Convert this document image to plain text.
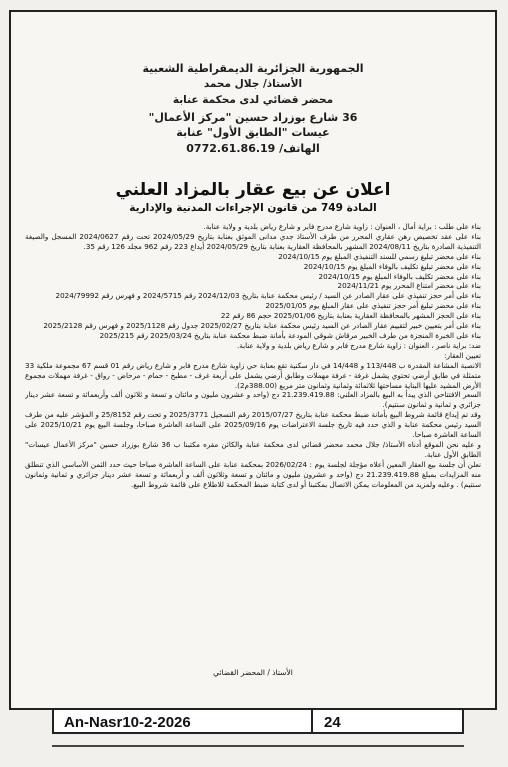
الجمهورية الجزائرية الديمقراطية الشعبية
الأستاذ/ جلال محمد
محضر قضائي لدى محكمة عنابة
36 شارع بوزراد حسين "مركز الأعمال"
عيسات "الطابق الأول" عنابة
الهاتف/ 0772.61.86.19
اعلان عن بيع عقار بالمزاد العلني
المادة 749 من قانون الإجراءات المدنية والإدارية

بناء على طلب : براية أمال ، العنوان : زاوية شارع مدرج فابر و شارع رياض بلدية و ولاية عنابة.

بناء على عقد تخصيص رهن عقاري المحرر من طرف الأستاذ جدي مدانى الموثق بعنابة بتاريخ 2024/05/29 تحت رقم 2024/0627 المسجل والصيغة التنفيذية الصادرة بتاريخ 2024/08/11 المشهر بالمحافظة العقارية بعنابة بتاريخ 2024/05/29 أيداع 223 رقم 962 مجلد 126 رقم 35.

بناء على محضر تبليغ رسمي للسند التنفيذي المبلغ يوم 2024/10/15

بناء على محضر تبليغ تكليف بالوفاء المبلغ يوم 2024/10/15

بناء على محضر تكليف بالوفاء المبلغ يوم 2024/10/15

بناء على محضر امتناع المحرر يوم 2024/11/21

بناء على أمر حجز تنفيذي على عقار الصادر عن السيد / رئيس محكمة عنابة بتاريخ 2024/12/03 رقم 2024/5715 و فهرس رقم 2024/79992

بناء على محضر تبليغ أمر حجز تنفيذي على عقار المبلغ يوم 2025/01/05

بناء على الحجز المشهر بالمحافظة العقارية بعنابة بتاريخ 2025/01/06 حجم 86 رقم 22

بناء على أمر بتعيين خبير لتقييم عقار الصادر عن السيد رئيس محكمة عنابة بتاريخ 2025/02/27 جدول رقم 2025/1128 و فهرس رقم 2025/2128

بناء على الخبرة المنجزة من طرف الخبير مرقاش شوقي المودعة بأمانة ضبط محكمة عنابة بتاريخ 2025/03/24 رقم 2025/215

ضد: براية ناصر ، العنوان : زاوية شارع مدرج فابر و شارع رياض بلدية و ولاية عنابة.

تعيين العقار:

الانصبة المشاعة المقدرة ب 113/448 و 14/448 في دار سكنية تقع بعنابة حي زاوية شارع مدرج فابر و شارع رياض رقم 01 قسم 67 مجموعة ملكية 33 متمثلة في طابق أرضي تحتوي يشمل غرفة - غرفة مهملات وطابق أرضي يشمل على أربعة غرف - مطبخ - حمام - مرحاض - رواق - غرفة مهملات مجموع الأرض المشيد عليها البناية مساحتها ثلاثمائة وثمانية وثمانون متر مربع (388.00م2).

السعر الافتتاحي الذي يبدأ به البيع بالمزاد العلني: 21.239.419.88 دج (واحد و عشرون مليون و مائتان و تسعة و ثلاثون ألف وأربعمائة و تسعة عشر دينار جزائري و ثمانية و ثمانون سنتيم).

وقد تم إيداع قائمة شروط البيع بأمانة ضبط محكمة عنابة بتاريخ 2015/07/27 رقم التسجيل 2025/3771 و تحت رقم 25/8152 و المؤشر عليه من طرف السيد رئيس محكمة عنابة و الذي حدد فيه تاريخ جلسة الاعتراضات يوم 2025/09/16 على الساعة العاشرة صباحا، وجلسة البيع يوم 2025/10/21 على الساعة العاشرة صباحا.

و عليه نحن الموقع أدناه الأستاذ/ جلال محمد محضر قضائي لدى محكمة عنابة والكائن مقره مكتبنا ب 36 شارع بوزراد حسين "مركز الأعمال عيسات" الطابق الأول عنابة.

نعلن أن جلسة بيع العقار المعين أعلاه مؤجلة لجلسة يوم : 2026/02/24 بمحكمة عنابة على الساعة العاشرة صباحا حيث حدد الثمن الأساسي الذي تنطلق منه المزايدات بمبلغ 21.239.419.88 دج (واحد و عشرون مليون و مائتان و تسعة وثلاثون ألف و أربعمائة و تسعة عشر دينار جزائري و ثمانية وثمانون سنتيم) . وعليه ولمزيد من المعلومات يمكن الاتصال بمكتبنا أو لدى كتابة ضبط المحكمة للاطلاع على قائمة شروط البيع.

الأستاذ / المحضر القضائي
An-Nasr10-2-2026	24
